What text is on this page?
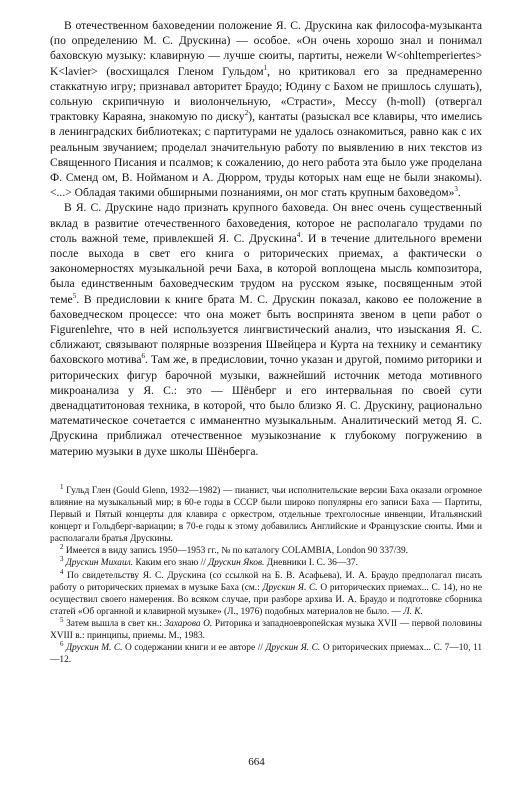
В отечественном баховедении положение Я. С. Друскина как философа-музыканта (по определению М. С. Друскина) — особое. «Он очень хорошо знал и понимал баховскую музыку: клавирную — лучше сюиты, партиты, нежели W<ohltemperiertes> K<lavier> (восхищался Гленом Гульдом$^1$, но критиковал его за преднамеренно стаккатную игру; признавал авторитет Браудо; Юдину с Бахом не пришлось слушать), сольную скрипичную и виолончельную, «Страсти», Мессу (h-moll) (отвергал трактовку Караяна, знакомую по диску$^2$), кантаты (разыскал все клавиры, что имелись в ленинградских библиотеках; с партитурами не удалось ознакомиться, равно как с их реальным звучанием; проделал значительную работу по выявлению в них текстов из Священного Писания и псалмов; к сожалению, до него работа эта было уже проделана Ф. Сменд ом, В. Нойманом и А. Дюрром, труды которых нам еще не были знакомы). <...> Обладая такими обширными познаниями, он мог стать крупным баховедом»$^3$.

В Я. С. Друскине надо признать крупного баховеда. Он внес очень существенный вклад в развитие отечественного баховедения, которое не располагало трудами по столь важной теме, привлекшей Я. С. Друскина$^4$. И в течение длительного времени после выхода в свет его книга о риторических приемах, а фактически о закономерностях музыкальной речи Баха, в которой воплощена мысль композитора, была единственным баховедческим трудом на русском языке, посвященным этой теме$^5$. В предисловии к книге брата М. С. Друскин показал, каково ее положение в баховедческом процессе: что она может быть воспринята звеном в цепи работ о Figurenlehre, что в ней используется лингвистический анализ, что изыскания Я. С. сближают, связывают полярные воззрения Швейцера и Курта на технику и семантику баховского мотива$^6$. Там же, в предисловии, точно указан и другой, помимо риторики и риторических фигур барочной музыки, важнейший источник метода мотивного микроанализа у Я. С.: это — Шёнберг и его интервальная по своей сути двенадцатитоновая техника, в которой, что было близко Я. С. Друскину, рационально математическое сочетается с имманентно музыкальным. Аналитический метод Я. С. Друскина приближал отечественное музыкознание к глубокому погружению в материю музыки в духе школы Шёнберга.

$^1$ Гульд Глен (Gould Glenn, 1932—1982) — пианист, чьи исполнительские версии Баха оказали огромное влияние на музыкальный мир; в 60-е годы в СССР были широко популярны его записи Баха — Партиты, Первый и Пятый концерты для клавира с оркестром, отдельные трехголосные инвенции, Итальянский концерт и Гольдберг-вариации; в 70-е годы к этому добавились Английские и Французские сюиты. Ими и располагали братья Друскины.

$^2$ Имеется в виду запись 1950—1953 гг., № по каталогу COLAMBIA, London 90 337/39.

$^3$ Друскин Михаил. Каким его знаю // Друскин Яков. Дневники I. С. 36—37.

$^4$ По свидетельству Я. С. Друскина (со ссылкой на Б. В. Асафьева), И. А. Браудо предполагал писать работу о риторических приемах в музыке Баха (см.: Друскин Я. С. О риторических приемах... С. 14), но не осуществил своего намерения. Во всяком случае, при разборе архива И. А. Браудо и подготовке сборника статей «Об органной и клавирной музыке» (Л., 1976) подобных материалов не было. — Л. К.

$^5$ Затем вышла в свет кн.: Захарова О. Риторика и западноевропейская музыка XVII — первой половины XVIII в.: принципы, приемы. М., 1983.

$^6$ Друскин М. С. О содержании книги и ее авторе // Друскин Я. С. О риторических приемах... С. 7—10, 11—12.

664
